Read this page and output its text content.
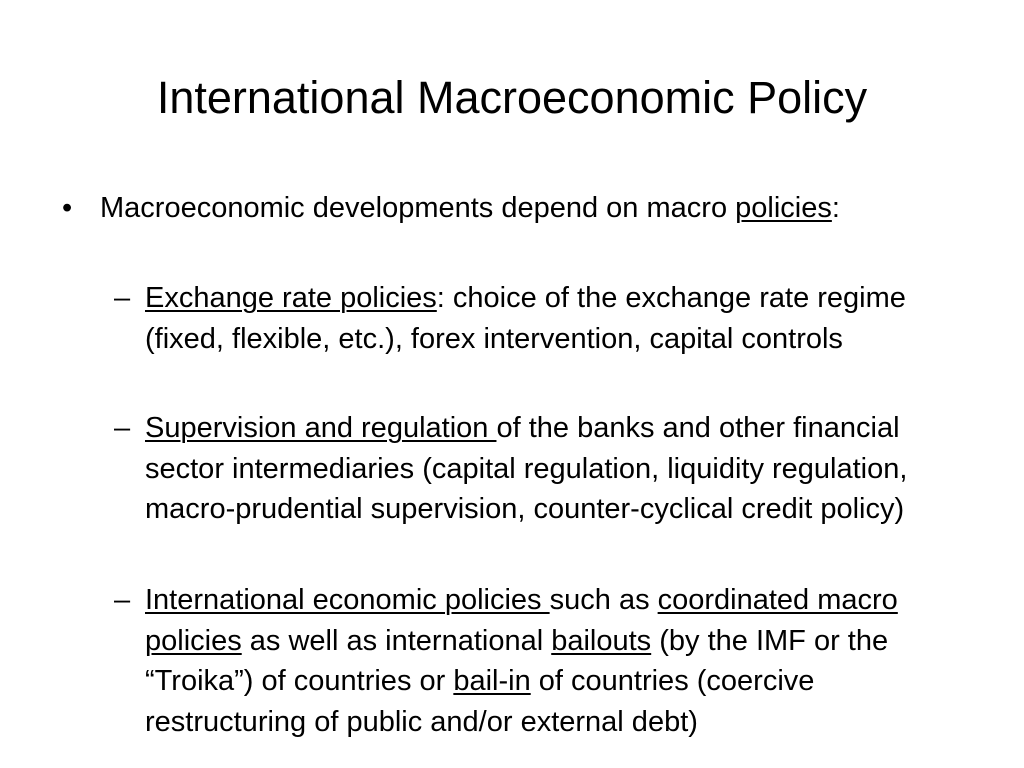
International Macroeconomic Policy
• Macroeconomic developments depend on macro policies:
– Exchange rate policies: choice of the exchange rate regime (fixed, flexible, etc.), forex intervention, capital controls
– Supervision and regulation of the banks and other financial sector intermediaries (capital regulation, liquidity regulation, macro-prudential supervision, counter-cyclical credit policy)
– International economic policies such as coordinated macro policies as well as international bailouts (by the IMF or the “Troika”) of countries or bail-in of countries (coercive restructuring of public and/or external debt)
